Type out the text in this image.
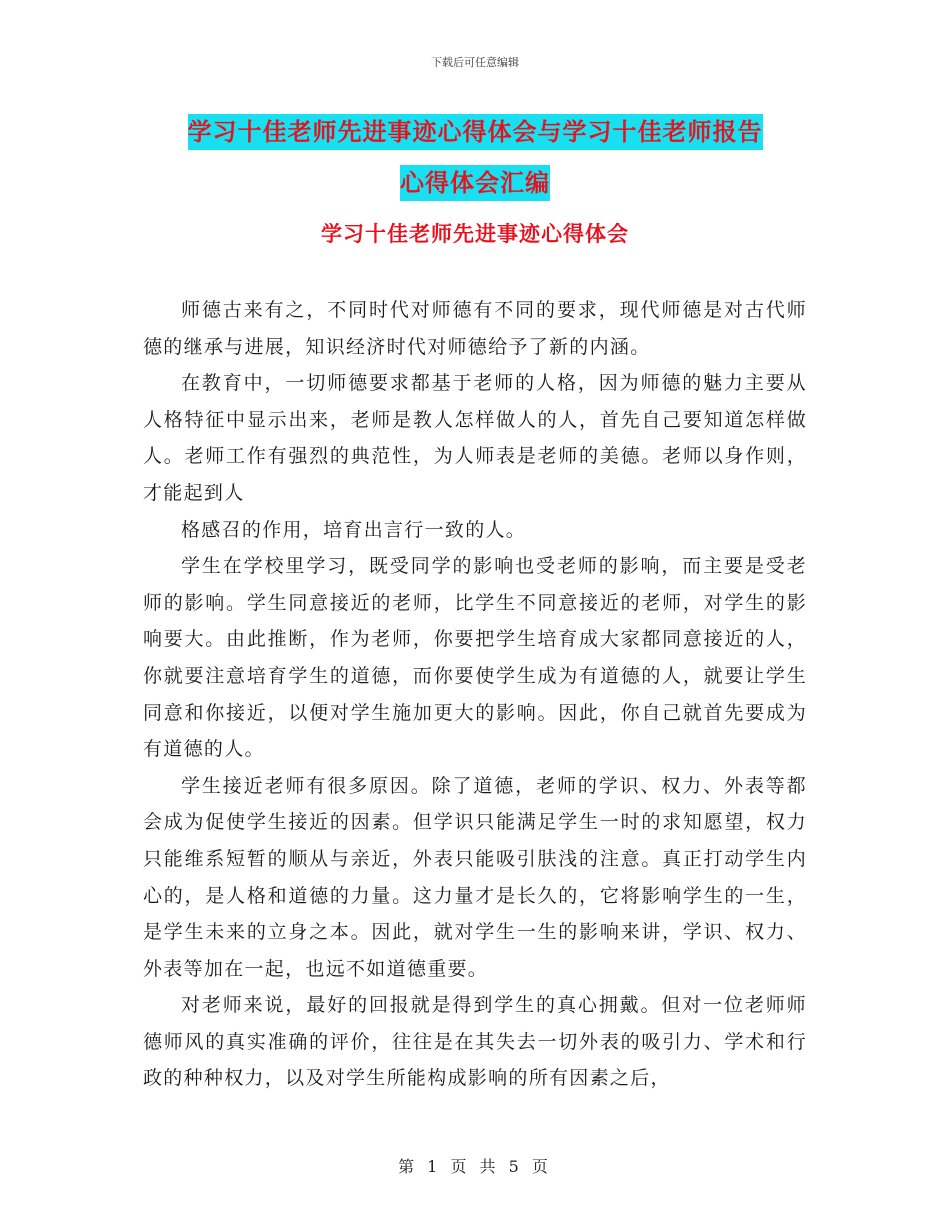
下载后可任意编辑
学习十佳老师先进事迹心得体会与学习十佳老师报告
心得体会汇编
学习十佳老师先进事迹心得体会

师德古来有之，不同时代对师德有不同的要求，现代师德是对古代师德的继承与进展，知识经济时代对师德给予了新的内涵。

在教育中，一切师德要求都基于老师的人格，因为师德的魅力主要从人格特征中显示出来，老师是教人怎样做人的人，首先自己要知道怎样做人。老师工作有强烈的典范性，为人师表是老师的美德。老师以身作则，才能起到人

格感召的作用，培育出言行一致的人。

学生在学校里学习，既受同学的影响也受老师的影响，而主要是受老师的影响。学生同意接近的老师，比学生不同意接近的老师，对学生的影响要大。由此推断，作为老师，你要把学生培育成大家都同意接近的人，你就要注意培育学生的道德，而你要使学生成为有道德的人，就要让学生同意和你接近，以便对学生施加更大的影响。因此，你自己就首先要成为有道德的人。

学生接近老师有很多原因。除了道德，老师的学识、权力、外表等都会成为促使学生接近的因素。但学识只能满足学生一时的求知愿望，权力只能维系短暂的顺从与亲近，外表只能吸引肤浅的注意。真正打动学生内心的，是人格和道德的力量。这力量才是长久的，它将影响学生的一生，是学生未来的立身之本。因此，就对学生一生的影响来讲，学识、权力、外表等加在一起，也远不如道德重要。

对老师来说，最好的回报就是得到学生的真心拥戴。但对一位老师师德师风的真实准确的评价，往往是在其失去一切外表的吸引力、学术和行政的种种权力，以及对学生所能构成影响的所有因素之后，

第 1 页 共 5 页
